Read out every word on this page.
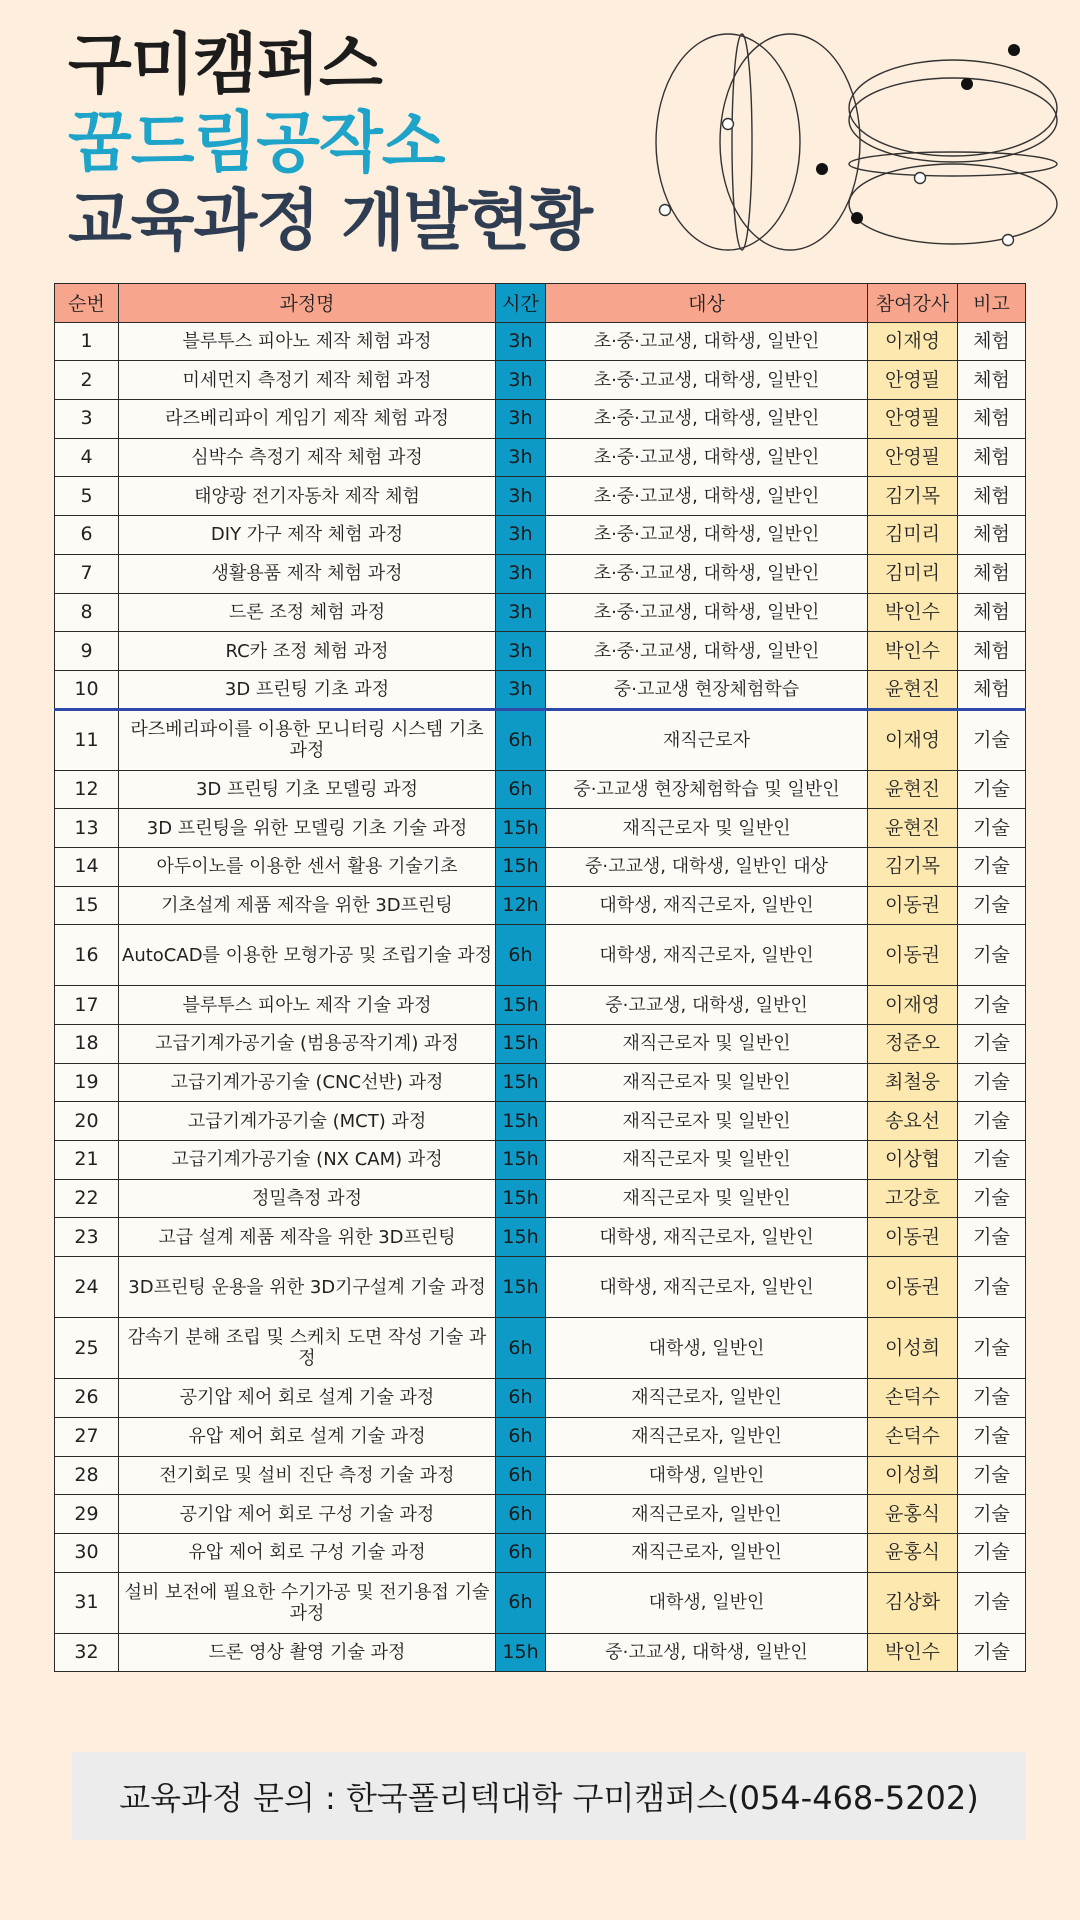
구미캠퍼스
꿈드림공작소
교육과정 개발현황
순번	과정명	시간	대상	참여강사	비고
1	블루투스 피아노 제작 체험 과정	3h	초·중·고교생, 대학생, 일반인	이재영	체험
2	미세먼지 측정기 제작 체험 과정	3h	초·중·고교생, 대학생, 일반인	안영필	체험
3	라즈베리파이 게임기 제작 체험 과정	3h	초·중·고교생, 대학생, 일반인	안영필	체험
4	심박수 측정기 제작 체험 과정	3h	초·중·고교생, 대학생, 일반인	안영필	체험
5	태양광 전기자동차 제작 체험	3h	초·중·고교생, 대학생, 일반인	김기목	체험
6	DIY 가구 제작 체험 과정	3h	초·중·고교생, 대학생, 일반인	김미리	체험
7	생활용품 제작 체험 과정	3h	초·중·고교생, 대학생, 일반인	김미리	체험
8	드론 조정 체험 과정	3h	초·중·고교생, 대학생, 일반인	박인수	체험
9	RC카 조정 체험 과정	3h	초·중·고교생, 대학생, 일반인	박인수	체험
10	3D 프린팅 기초 과정	3h	중·고교생 현장체험학습	윤현진	체험
11	라즈베리파이를 이용한 모니터링 시스템 기초 과정	6h	재직근로자	이재영	기술
12	3D 프린팅 기초 모델링 과정	6h	중·고교생 현장체험학습 및 일반인	윤현진	기술
13	3D 프린팅을 위한 모델링 기초 기술 과정	15h	재직근로자 및 일반인	윤현진	기술
14	아두이노를 이용한 센서 활용 기술기초	15h	중·고교생, 대학생, 일반인 대상	김기목	기술
15	기초설계 제품 제작을 위한 3D프린팅	12h	대학생, 재직근로자, 일반인	이동권	기술
16	AutoCAD를 이용한 모형가공 및 조립기술 과정	6h	대학생, 재직근로자, 일반인	이동권	기술
17	블루투스 피아노 제작 기술 과정	15h	중·고교생, 대학생, 일반인	이재영	기술
18	고급기계가공기술 (범용공작기계) 과정	15h	재직근로자 및 일반인	정준오	기술
19	고급기계가공기술 (CNC선반) 과정	15h	재직근로자 및 일반인	최철웅	기술
20	고급기계가공기술 (MCT) 과정	15h	재직근로자 및 일반인	송요선	기술
21	고급기계가공기술 (NX CAM) 과정	15h	재직근로자 및 일반인	이상협	기술
22	정밀측정 과정	15h	재직근로자 및 일반인	고강호	기술
23	고급 설계 제품 제작을 위한 3D프린팅	15h	대학생, 재직근로자, 일반인	이동권	기술
24	3D프린팅 운용을 위한 3D기구설계 기술 과정	15h	대학생, 재직근로자, 일반인	이동권	기술
25	감속기 분해 조립 및 스케치 도면 작성 기술 과정	6h	대학생, 일반인	이성희	기술
26	공기압 제어 회로 설계 기술 과정	6h	재직근로자, 일반인	손덕수	기술
27	유압 제어 회로 설계 기술 과정	6h	재직근로자, 일반인	손덕수	기술
28	전기회로 및 설비 진단 측정 기술 과정	6h	대학생, 일반인	이성희	기술
29	공기압 제어 회로 구성 기술 과정	6h	재직근로자, 일반인	윤홍식	기술
30	유압 제어 회로 구성 기술 과정	6h	재직근로자, 일반인	윤홍식	기술
31	설비 보전에 필요한 수기가공 및 전기용접 기술 과정	6h	대학생, 일반인	김상화	기술
32	드론 영상 촬영 기술 과정	15h	중·고교생, 대학생, 일반인	박인수	기술
교육과정 문의 : 한국폴리텍대학 구미캠퍼스(054-468-5202)
